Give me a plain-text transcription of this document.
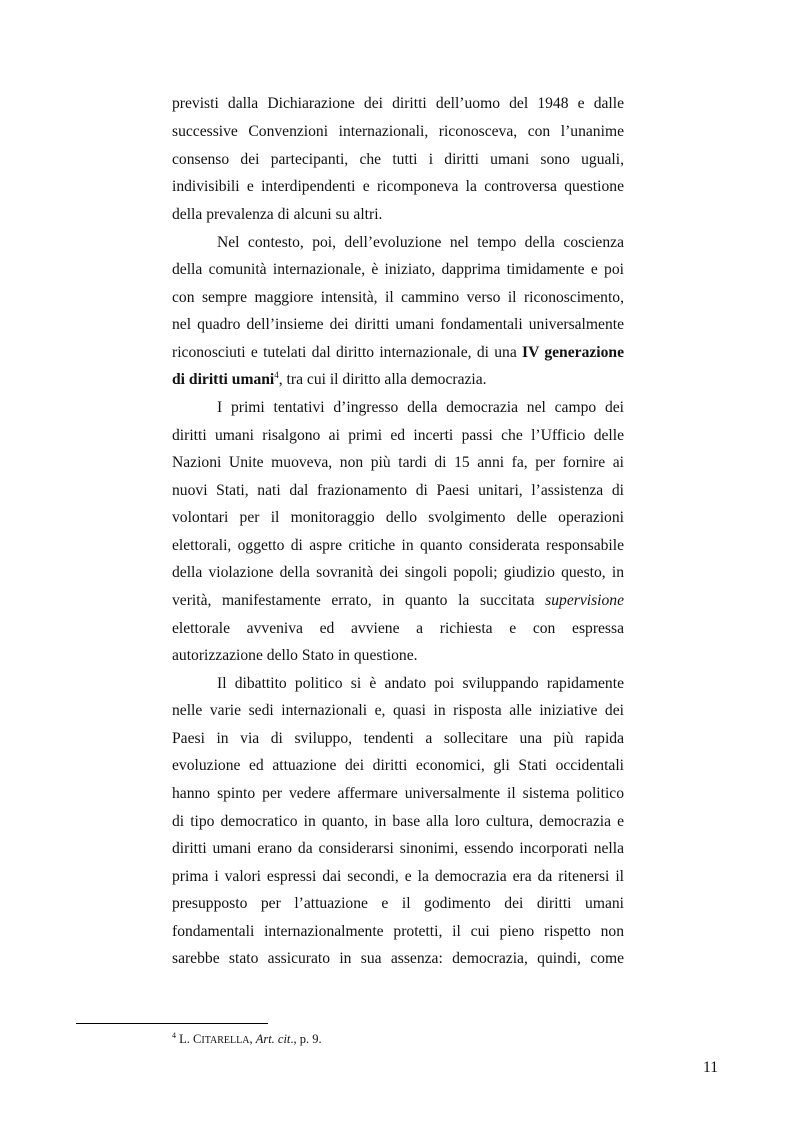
previsti dalla Dichiarazione dei diritti dell’uomo del 1948 e dalle
successive Convenzioni internazionali, riconosceva, con l’unanime
consenso dei partecipanti, che tutti i diritti umani sono uguali,
indivisibili e interdipendenti e ricomponeva la controversa questione
della prevalenza di alcuni su altri.
Nel contesto, poi, dell’evoluzione nel tempo della coscienza
della comunità internazionale, è iniziato, dapprima timidamente e poi
con sempre maggiore intensità, il cammino verso il riconoscimento,
nel quadro dell’insieme dei diritti umani fondamentali universalmente
riconosciuti e tutelati dal diritto internazionale, di una IV generazione
di diritti umani$^4$, tra cui il diritto alla democrazia.
I primi tentativi d’ingresso della democrazia nel campo dei
diritti umani risalgono ai primi ed incerti passi che l’Ufficio delle
Nazioni Unite muoveva, non più tardi di 15 anni fa, per fornire ai
nuovi Stati, nati dal frazionamento di Paesi unitari, l’assistenza di
volontari per il monitoraggio dello svolgimento delle operazioni
elettorali, oggetto di aspre critiche in quanto considerata responsabile
della violazione della sovranità dei singoli popoli; giudizio questo, in
verità, manifestamente errato, in quanto la succitata supervisione
elettorale avveniva ed avviene a richiesta e con espressa
autorizzazione dello Stato in questione.
Il dibattito politico si è andato poi sviluppando rapidamente
nelle varie sedi internazionali e, quasi in risposta alle iniziative dei
Paesi in via di sviluppo, tendenti a sollecitare una più rapida
evoluzione ed attuazione dei diritti economici, gli Stati occidentali
hanno spinto per vedere affermare universalmente il sistema politico
di tipo democratico in quanto, in base alla loro cultura, democrazia e
diritti umani erano da considerarsi sinonimi, essendo incorporati nella
prima i valori espressi dai secondi, e la democrazia era da ritenersi il
presupposto per l’attuazione e il godimento dei diritti umani
fondamentali internazionalmente protetti, il cui pieno rispetto non
sarebbe stato assicurato in sua assenza: democrazia, quindi, come
$^4$ L. CITARELLA, Art. cit., p. 9.
11
